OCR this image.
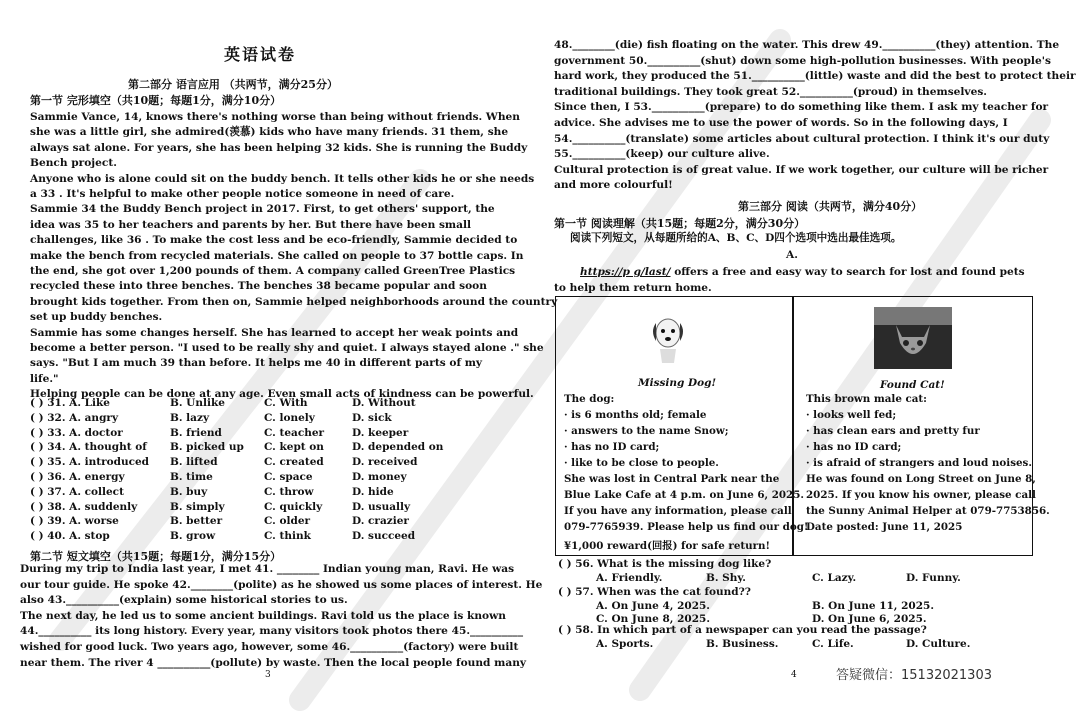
英语试卷
第二部分 语言应用 （共两节，满分25分）
第一节 完形填空（共10题；每题1分，满分10分）
Sammie Vance, 14, knows there's nothing worse than being without friends. When
she was a little girl, she admired(羡慕) kids who have many friends. 31 them, she
always sat alone. For years, she has been helping 32 kids. She is running the Buddy
Bench project.
Anyone who is alone could sit on the buddy bench. It tells other kids he or she needs
a 33 . It's helpful to make other people notice someone in need of care.
Sammie 34 the Buddy Bench project in 2017. First, to get others' support, the
idea was 35 to her teachers and parents by her. But there have been small
challenges, like 36 . To make the cost less and be eco-friendly, Sammie decided to
make the bench from recycled materials. She called on people to 37 bottle caps. In
the end, she got over 1,200 pounds of them. A company called GreenTree Plastics
recycled these into three benches. The benches 38 became popular and soon
brought kids together. From then on, Sammie helped neighborhoods around the country
set up buddy benches.
Sammie has some changes herself. She has learned to accept her weak points and
become a better person. "I used to be really shy and quiet. I always stayed alone ." she
says. "But I am much 39 than before. It helps me 40 in different parts of my
life."
Helping people can be done at any age. Even small acts of kindness can be powerful.
( ) 31. A. Like	B. Unlike	C. With	D. Without
( ) 32. A. angry	B. lazy	C. lonely	D. sick
( ) 33. A. doctor	B. friend	C. teacher	D. keeper
( ) 34. A. thought of	B. picked up	C. kept on	D. depended on
( ) 35. A. introduced	B. lifted	C. created	D. received
( ) 36. A. energy	B. time	C. space	D. money
( ) 37. A. collect	B. buy	C. throw	D. hide
( ) 38. A. suddenly	B. simply	C. quickly	D. usually
( ) 39. A. worse	B. better	C. older	D. crazier
( ) 40. A. stop	B. grow	C. think	D. succeed
第二节 短文填空（共15题；每题1分，满分15分）
During my trip to India last year, I met 41. ________ Indian young man, Ravi. He was
our tour guide. He spoke 42.________(polite) as he showed us some places of interest. He
also 43.__________(explain) some historical stories to us.
The next day, he led us to some ancient buildings. Ravi told us the place is known
44.__________ its long history. Every year, many visitors took photos there 45.__________
wished for good luck. Two years ago, however, some 46.__________(factory) were built
near them. The river 4 __________(pollute) by waste. Then the local people found many
3
48.________(die) fish floating on the water. This drew 49.__________(they) attention. The
government 50.__________(shut) down some high-pollution businesses. With people's
hard work, they produced the 51.__________(little) waste and did the best to protect their
traditional buildings. They took great 52.__________(proud) in themselves.
Since then, I 53.__________(prepare) to do something like them. I ask my teacher for
advice. She advises me to use the power of words. So in the following days, I
54.__________(translate) some articles about cultural protection. I think it's our duty
55.__________(keep) our culture alive.
Cultural protection is of great value. If we work together, our culture will be richer
and more colourful!
第三部分 阅读（共两节，满分40分）
第一节 阅读理解（共15题；每题2分，满分30分）
阅读下列短文，从每题所给的A、B、C、D四个选项中选出最佳选项。
A.
https://p g/last/ offers a free and easy way to search for lost and found pets
to help them return home.
Missing Dog!
The dog:
· is 6 months old; female
· answers to the name Snow;
· has no ID card;
· like to be close to people.
She was lost in Central Park near the
Blue Lake Cafe at 4 p.m. on June 6, 2025.
If you have any information, please call
079-7765939. Please help us find our dog!
¥1,000 reward(回报) for safe return!
Found Cat!
This brown male cat:
· looks well fed;
· has clean ears and pretty fur
· has no ID card;
· is afraid of strangers and loud noises.
He was found on Long Street on June 8,
2025. If you know his owner, please call
the Sunny Animal Helper at 079-7753856.
Date posted: June 11, 2025
( ) 56. What is the missing dog like?
A. Friendly.	B. Shy.	C. Lazy.	D. Funny.
( ) 57. When was the cat found??
A. On June 4, 2025.	B. On June 11, 2025.
C. On June 8, 2025.	D. On June 6, 2025.
( ) 58. In which part of a newspaper can you read the passage?
A. Sports.	B. Business.	C. Life.	D. Culture.
4	答疑微信：15132021303
